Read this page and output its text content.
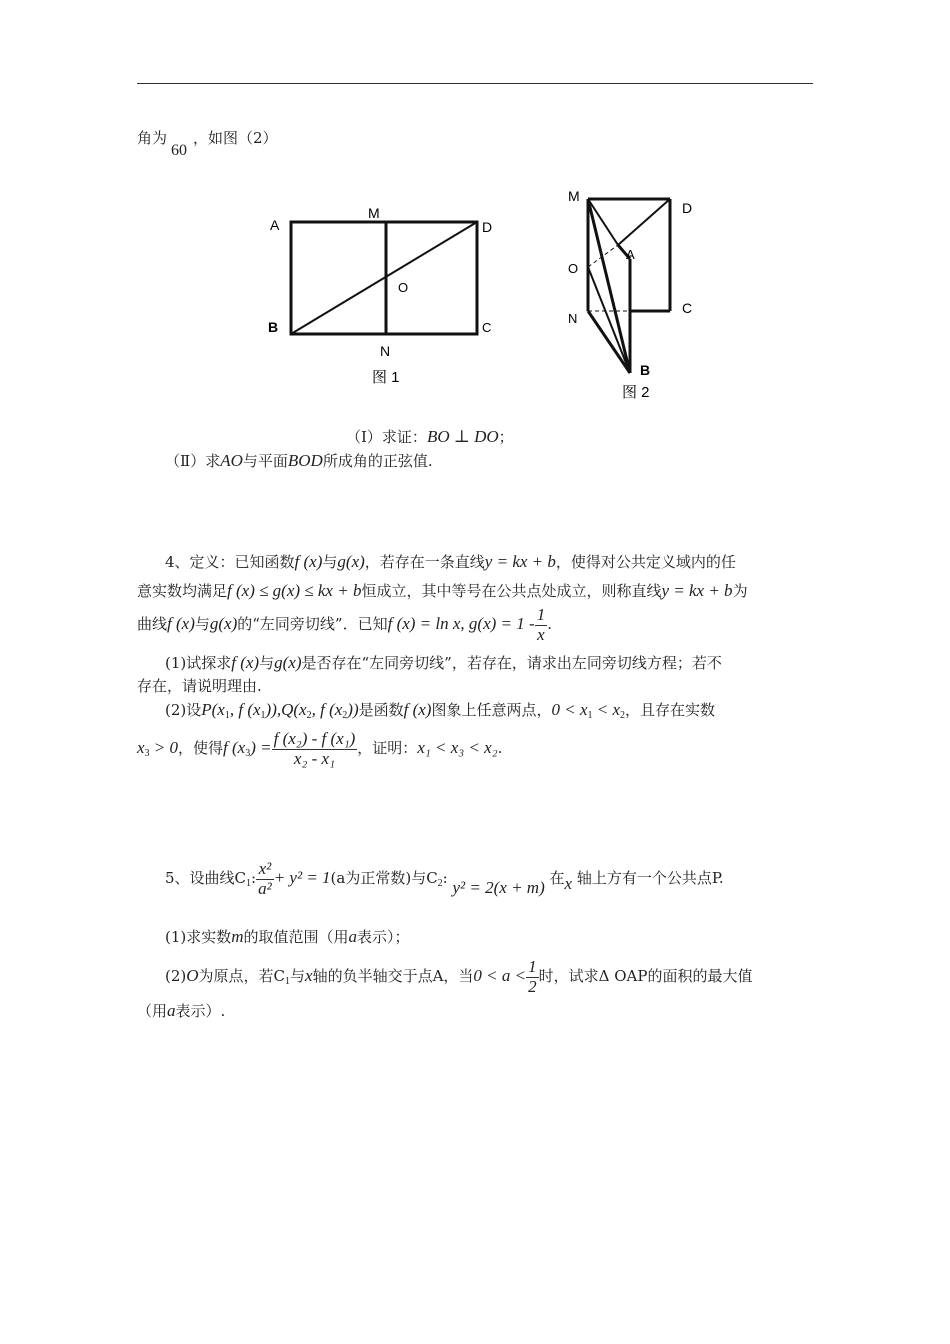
角为60，如图（2）
A
M
D
O
B
N
C
图 1
M
D
O
A
N
C
B
图 2
（Ⅰ）求证：BO ⊥ DO；
（Ⅱ）求AO与平面BOD所成角的正弦值.
4、定义：已知函数f (x)与g(x)，若存在一条直线y = kx + b，使得对公共定义域内的任
意实数均满足f (x) ≤ g(x) ≤ kx + b恒成立，其中等号在公共点处成立，则称直线y = kx + b为
曲线f (x)与g(x)的“左同旁切线”．已知f (x) = ln x, $g(x) = 1 - \frac{1}{x}$ .
(1)试探求f (x)与g(x)是否存在“左同旁切线”，若存在，请求出左同旁切线方程；若不
存在，请说明理由.
(2)设P(x1, f (x1)),Q(x2, f (x2))是函数f (x)图象上任意两点，0 < x1 < x2，且存在实数
x3 > 0，使得f $(x3) = \frac{\text{f (x₂) - f (x₁)}}{\text{x₂ - x₁}}$ ，证明：x₁ < x₃ < x₂.
5、设曲线$C_1$: $\frac{\text{x²}}{\text{a²}} + y^2 = 1(a$为正常数)与$C_2$: y² = 2(x + m) 在x 轴上方有一个公共点P.
(1)求实数m的取值范围（用a表示）；
(2)O为原点，若$C_1$与x轴的负半轴交于点A，当$0 < a < \frac{1}{2}$ 时，试求Δ OAP的面积的最大值
（用a表示）.
